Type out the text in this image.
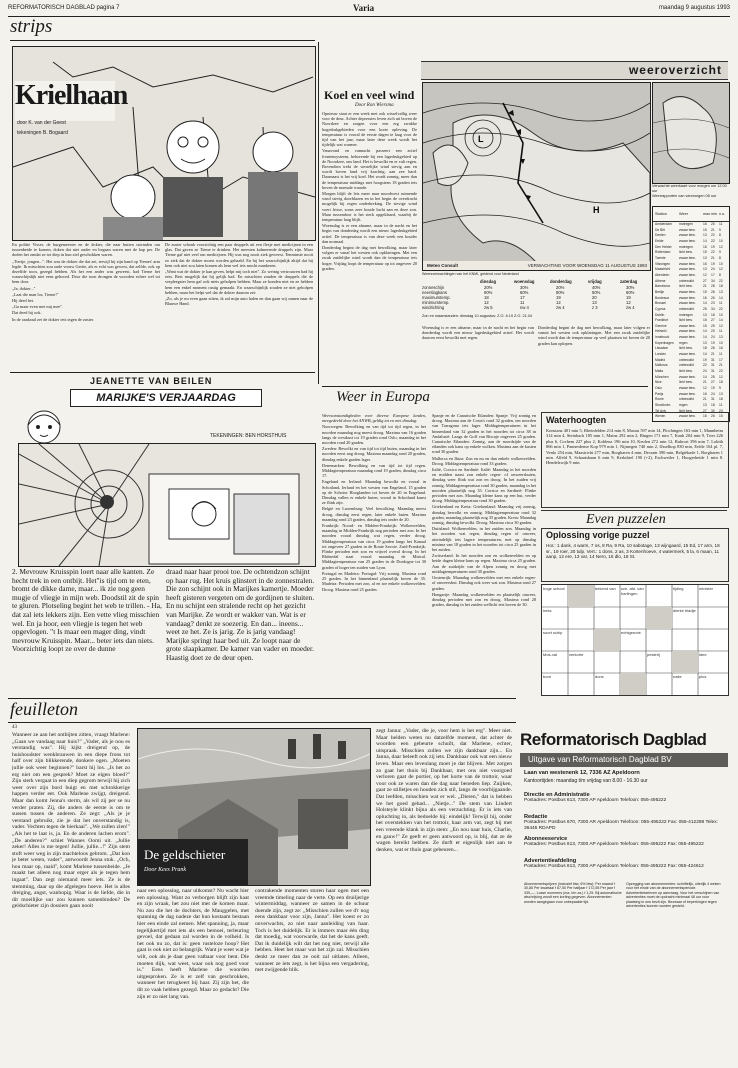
REFORMATORISCH DAGBLAD pagina 7	Varia	maandag 9 augustus 1993
strips
Krielhaan
door K. van der Geest
tekeningen B. Bogaard

En politie Visser, de burgemeester en de dokter, die naar buiten stormden om tussenbeide te komen, doken dat niet onder en begaan waren met de kap per. De doden het omdat ze tot diep in hun ziel geschokken waren.

„Tiertje, jongen...". Het was de dokter die dat zei, terwijl hij zijn hand op Tiemes' arm legde. Ik misschien zou oude vrouw Gertie, als er echt was gewest, dat zelfde, ook op dezelfde toon, gezegd hebben. Als het een ander was geweest, had Tieme het waarschijnlijk niet eens gehoord. Door die toon drongen de woorden echter wel tot hem door.

„Ja, dokter..."

„Laat die man los, Tieme!"

Hij deed het.

„Ga maar even met mij mee".

Dat deed hij ook.

In de raadzaal zei de dokter iets tegen de zuster.

De zuster schonk voorzichtig een paar druppels uit een flesje met medicijnen in een glas. Dat gaven ze Tieme te drinken. Het meesten kalmerende druppels zijn. Maar Tieme gaf niet veel om medicijnen. Hij was nog nooit ziek geweest. Tenminste nooit zo ziek dat de dokter moest worden gehaald. En bij het waarschijnlijk altijd dat hij hem ook niet zou laten komen als hem wel iets mocht mankeren.

„Want wat de dokter je kan geven, helpt mij toch niet". Zo weinig vertrouwen had hij erin. Best mogelijk dat hij gelijk had. En misschien zouden de druppels die de verpleegster hem gaf ook niets geholpen hebben. Maar ze konden niet en ze hebben hem een enkel moment rustig gemaakt. En waarschijnlijk zouden ze niet geholpen hebben, maar het helpt wel dat de dokter daarom zei:

„Zo, als je nu even gaan zitten, ik zal mijn auto halen en dan gaan wij samen naar de Blauwe Hand.

JEANETTE VAN BEILEN
MARIJKE'S VERJAARDAG
TEKENINGEN: BEN HORSTHUIS
2. Mevrouw Kruisspin loert naar alle kanten. Ze hecht trek in een ontbijt. Het"is tijd om te eten, bromt de dikke dame, maar... ik zie nog geen mugje of vliegje in mijn web. Doodstil zit de spin te gluren. Plotseling begint het web te trillen. - Ha, dat zal iets lekkers zijn. Een vette vlieg misschien wel. En ja hoor, een vliegje is tegen het web opgevlogen. "t Is maar een mager ding, vindt mevrouw Kruisspin. Maar... beter iets dan niets. Voorzichtig loopt ze over de dunne
draad naar haar prooi toe. De ochtendzon schijnt op haar rug. Het kruis glinstert in de zonnestralen. Die zon schijnt ook in Marijkes kamertje. Moeder heeft gisteren vergeten om de gordijnen te sluiten. En nu schijnt een stralende recht op het gezicht van Marijke. Ze wordt er wakker van. Wat is er vandaag? denkt ze soezerig. En dan... ineens... weet ze het. Ze is jarig. Ze is jarig vandaag! Marijke springt haar bed uit. Ze loopt naar de grote slaapkamer. De kamer van vader en moeder. Haastig doet ze de deur open.
Koel en veel wind
Door Ron Wiersma

Opnieuw staat er een week met ook wisselvallig weer voor de deur. Achter depressies leven zich uit boven de Noordzee en zorgen voor een erg zwakke hogedrukgebieden voor een korte opleving. De temperatuur is vooral de eerste dagen te laag voor de tijd van het jaar, maar later deze week wordt het tijdelijk wat warmer.

Vanavond en vannacht passeert een actief frontensysteem, behorende bij een lagedrukgebied op de Noordzee, ons land. Het is bewolkt en er valt regen. Bovendien trekt de westelijke wind stevig aan en wordt boven land vrij krachtig, aan zee hard. Daarnaast is het vrij koel. Het wordt zonnig, meer dan de temperatuur middags met hoogstens 18 graden iets boven de normale waarde.

Morgen blijft de lets meer naar noordwest ruimende wind stevig doorblazen en in het begin de overdracht mogelijk bij regen onderbreking. De stevige wind voert frisse, soms zeer koude lucht aan en deze zon. Maar tussendoor is het sterk opgeklaard, waarbij de temperatuur laag blijft.

Woensdag is er een afname, maar in de nacht en het begin van donderdag wordt een nieuw lagedrukgebied actief. De temperatuur is van deze week een kouder dan normaal.

Donderdag begint de dag met bewolking, maar later volgen er vanaf het westen ook opklaringen. Met een zwak zuidelijke wind wordt dan de temperatuur iets hoger. Vrijdag loopt de temperatuur op tot ongeveer 20 graden.

weeroverzicht
L
H
Meteo Consult	VERWACHTING VOOR WOENSDAG 11 AUGUSTUS 1993
Verwachte weerkaart voor morgen om 12.00 uur
Weerrapporten van vanmorgen 08 uur
Station	Weer	max min n.s.
Amsterdam motregen	16 20 11
De Bilt	zwaar bew. 15 21 9
Deelen	zwaar bew. 13 22 8
Eelde	zwaar bew. 14 22 10
Den Helder motregen	16 19 12
Rotterdam	licht bew.	15 22 9
Twente	zwaar bew. 13 21 8
Vlissingen	zwaar bew. 16 19 10
Maastricht	zwaar bew. 13 24 12
Aberdeen	zwaar bew. 12 17 8
Athene	onbewolkt	27 34 22
Barcelona	licht bew.	21 28 18
Berlijn	zwaar bew. 15 26 13
Bordeaux	zwaar bew. 16 26 14
Brussel	zwaar bew. 14 23 11
Cyprus	onbewolkt	25 34 22
Dublin	motregen	13 18 10
Frankfurt	licht bew.	15 27 14
Genève	zwaar bew. 15 25 12
Helsinki	zwaar bew. 14 20 11
Innsbruck	zwaar bew. 14 24 13
Kopenhagen regen	13 19 10
Lissabon	licht bew.	18 26 16
Londen	zwaar bew. 14 21 11
Madrid	onbewolkt	19 31 17
Mallorca	onbewolkt	22 31 21
Malta	licht bew.	24 31 22
München	zwaar bew. 14 25 12
Nice	licht bew.	21 27 18
Oslo	zwaar bew. 12 19 9
Parijs	zwaar bew. 16 24 13
Rome	onbewolkt	21 31 18
Stockholm	regen	13 18 11
Tel Aviv	licht bew.	27 30 23
Wenen	zwaar bew. 16 26 15
Weersverwachtingen van het KNMI, geldend voor Nederland
dinsdag	woensdag	donderdag	vrijdag	zaterdag
zonneschijn	20%	30%	20%	40%	30%
neerslagkans	60%	60%	80%	50%	60%
maximumtemp.	18	17	19	20	19
minimumtemp.	12	11	12	13	12
windrichting	zw 5	nw 4	zw 4	z 3	zw 4
Zon en maanstanden: dinsdag 10 augustus: Z.O. 6.19 Z.O. 21.04

Donderdag begint de dag met bewolking, maar later volgen er vanuit het westen ook opklaringen. Met een zwak zuidelijke wind wordt dan de temperatuur op veel plaatsen tot boven de 20 graden kan oplopen.

Woensdag is er een afname, maar in de nacht en het begin van donderdag wordt een nieuw lagedrukgebied actief. Het wordt daarom eerst bewolkt met regen.

Weer in Europa

Weersomstandigheden voor diverse Europese landen, meegedeeld door het ANWB, geldig tot en met dinsdag:

Noorwegen: Bewolking en van tijd tot tijd regen, in het noorden maandag nog meest droog. Maxima van 16 graden langs de westkust tot 19 graden rond Oslo; maandag in het noorden rond 20 graden.

Zweden: Bewolkt en van tijd tot tijd buien, maandag in het noorden eerst nog droog. Maxima maandag rond 20 graden, dinsdag enkele graden lager.

Denemarken: Bewolking en van tijd tot tijd regen. Middagtemperatuur maandag rond 19 graden, dinsdag circa 17.

Engeland en Ierland: Maandag bewolkt en vooral in Schotland, Ierland en het westen van Engeland, 15 graden op de Schotse Hooglanden tot boven de 20 in Engeland. Dinsdag vallen er enkele buien, vooral in Schotland kunst ze flink zijn.

België en Luxemburg: Veel bewolking. Maandag meest droog, dinsdag eerst regen, later enkele buien. Maxima maandag rond 23 graden, dinsdag iets onder de 20.

Frankrijk: Noord- en Midden-Frankrijk: Wolkenvelden, maandag in Midden-Frankrijk nog perioden met zon. In het noorden vooral dinsdag wat regen, verder droog. Middagtemperatuur van circa 19 graden langs het Kanaal tot ongeveer 27 graden in de Route Savoie. Zuid-Frankrijk: Flinke perioden met zon en vrijwel overal droog. In het Rhônedal staat vooral maandag de Mistral. Middagtemperatuur van 25 graden in de Dordogne tot 30 graden of hoger ten zuiden van Lyon.

Portugal en Madeira: Portugal: Vrij zonnig. Maxima rond 25 graden. In het binnenland plaatselijk boven de 35. Madeira: Perioden met zon, af en toe enkele wolkenvelden. Droog. Maxima rond 25 graden.

Spanje en de Canarische Eilanden: Spanje: Vrij zonnig en droog. Maxima aan de Costa's rond 32 graden, ten noorden van Tarragona iets lager. Middagtemperaturen in het binnenland van 32 graden in het noorden tot circa 38 in Andalusië. Langs de Golf van Biscaje ongeveer 25 graden. Canarische Eilanden: Zonnig, aan de noordzijde van de eilanden ook kans op enkele wolken. Maxima aan de kusten rond 30 graden.

Mallorca en Ibiza: Zon en nu en dan enkele wolkenvelden. Droog. Middagtemperatuur rond 33 graden.

Italië, Corsica en Sardinië: Italië: Maandag in het noorden en midden naast zon enkele regen- of onweersbuien, dinsdag weer flink wat zon en droog. In het zuiden vrij zonnig. Middagtemperatuur rond 30 graden, maandag in het noorden plaatselijk nog 35. Corsica en Sardinië: Flinke perioden met zon. Maandag kleine kans op een bui, verder droog. Middagtemperatuur rond 30 graden.

Griekenland en Kreta: Griekenland: Maandag vrij zonnig, dinsdag bewolkt en zonnig. Middagtemperatuur rond 32 graden, maandag plaatselijk nog 35 graden. Kreta: Maandag zonnig, dinsdag bewolkt. Droog. Maxima circa 30 graden.

Duitsland: Wolkenvelden, in het zuiden zon. Maandag in het noorden wat regen, dinsdag regen of onweer, uiteindelijk iets lagere temperaturen, met op dinsdag minima van 18 graden in het noorden tot circa 25 graden in het zuiden.

Zwitserland: In het noorden zon en wolkenvelden en op beide dagen kleine kans op regen. Maxima circa 25 graden. Aan de zuidzijde van de Alpen zonnig en droog met middagtemperaturen rond 30 graden.

Oostenrijk: Maandag wolkenvelden met een enkele regen- of onweersbui. Dinsdag ook weer wat zon. Maxima rond 27 graden.

Hongarije: Maandag wolkenvelden en plaatselijk onweer, dinsdag perioden met zon en droog. Maxima rond 28 graden, dinsdag in het zuiden wellicht iets boven de 30.

Waterhoogten
Konstanz 401 min 5, Rheinfelden 214 min 8, Maxau 597 min 14, Plochingen 163 min 1, Mannheim 314 min 4, Steinbach 185 min 1, Mainz 292 min 2, Bingen 171 min 7, Kaub 204 min 9, Trier 226 plus 6, Cochem 227 plus 2, Koblenz 196 min 10, Keulen 272 min 12, Ruhrort 396 min 7, Lobith 866 min 1, Pannerdense Kop 979 min 1, Nijmegen 740 min 2, IJsselkop 830 min, Eefde 164 pl. 7, Venlo 254 min, Maastricht 277 min, Borgharen 4 min, Decantr 390 min, Belgiëkade 1, Borgharen 1 min. Alfeld 9, Schaatsbaan 6 min 9, Kerkdriel 190 (+2), Eschweiler 1, Hoogerheide 1 min 8. Hendelswijk 9 min.
Even puzzelen
Oplossing vorige puzzel
Hor.: 1 dank, 4 warm, 7 os, 8 Ra, 9 Ra, 10 sabotage, 13 wijngaard, 15 Ed, 17 arm, 18 sr., 19 roer, 20 tulp. Vert.: 1 dons, 2 as, 3 Kortenhoeve, 4 watermerk, 5 la, 6 maan, 11 aanp, 12 ere, 13 var, 14 Nero, 16 dlo, 18 St.
hoge school	bekend van	sch. afd. van harlingen
tijding	minister
heks	dierke bladje
soort schip	echtgenote
Mos-val	pesterij	idee
verkorte
boot	dons	natie	plus
feuilleton
43
Wanneer ze aan het ontbijten zitten, vraagt Marlene: „Gaan we vandaag naar huis?" „Vader, als je nou es verstandig was". Hij kijkt dreigend op, de huishoudster wenkbrauwen in een diepe frons tot half over zijn blikkerende, donkere ogen. „Moeten jullie ook weer beginnen?" barst hij los. „Is het zo erg niet om een gesprek? Moet ze eigen bloed?" Zijn sterk vergaat in een diep gegrom terwijl hij zich weer over zijn bord buigt en met schrokkerige happen verder eet. Ook Marlene zwijgt, dreigend. Maar dan komt Jenna's sterm, als wil zij per se nu verder praten. Zij, die anders de eerste is om te sussen tussen de anderen. Ze zegt: „Als je je verstand gebruikt, zie je dat het onverstandig is, vader. Vechten tegen de bierkaai". „We zullen zien!" „Als het te laat is, ja. En de anderen lachen erom". „De anderen?" schiet Wannes Oomi uit. „Jullie zeker! Alles is me tegen! Jullie, jullie...!" Zijn stem stoft weer weg in zijn machteloos gebrom. „Dat kon je beter weten, vader", antwoordt Jenna stuk. „Och, hou maar op, raaid", komt Marlene tussenbeide. „Je maakt het alleen nog maar erger als je tegen hem ingaat". Dan zegt niemand meer iets. Ze is de stemming, daar op die afgelegen hoeve. Het is alles dreiging, angst, wanhopig. Waar is de liefde, die in dit moeilijke uur zou kunnen samenbinden? De geldschieter zijn dossiers gaan nooit
De geldschieter
Door Kees Prank
naar een oplossing, naar uitkomst? Nu wacht hier een oplossing. Want zo verborgen blijft zijn haat en zijn wraak, het zou niet met de komen maar. Nu zou die het de dochters, de Mauggelen, met spanning de dag nadeze dat hun kostaam bestaan hier een einde zal nemen. Met spanning, ja, maar tegelijkertijd met iets als een bemoei, terleuring gevoel, dat gedaan zal worden in de volheid. Is het ook nu zo, dat is: geen rusteloze hoop? Het gaat is ook niet zo belangrijk. Want je weet wat je wilt, ook als je daar geen vatbaar voor bent. Die moeten dijk, wat weet, waar ook nog goed voor is." Eens heeft Marlene die woorden uitgesproken. Ze is er zelf van geschrokken, wanneer het terugkeert bij haar. Zij zijn het, die dit zo vaak hebben gezegd. Maar zo gedacht? Die zijn er zo niet lang van.
contrakende momenten sturen haar ogen met een vreemde timeling naar de verte. Op een druiljerige wintermiddag, wanneer ze samen in de schuur doende zijn, zegt ze: „Misschien zullen we d'r nog eens dankbaar voor zijn, Janna". Het koest er zo onverwachts, zo niet naar aanleiding van haar. Toch is het duidelijk. Er is immers maar één ding dat moedig, wat voorwarde, dat het de kans geeft. Dat ik duidelijk wilt dat het nog niet, terwijl alle hebben. Heet het maar wat het zijn zal. Misschien denkt ze meer dan ze ooit zal uitlaten. Alleen, wanneer ze iets zegt, is het bijna een vergadering, met zwijgende blik.
zegt Janna: „Vader, die je, voor hem is het erg". Meer niet. Maar helden weten nu datzelfde moment, dat achter de woorden een gebeurte schuilt, dat Marlene, echter, uitspraak. Misschien zullen we zijn dankbaar zijn... En Janna, daar beleeft ook zij iets. Dankbaar ook wat een nieuw leven. Maar een levenlang moet je dat blijven. Met zorgen zo gaat het thuis bij Dankbaar, met ons niet voorgoed verloren gaat de portier, op het korte van de trottoir, waar voor ook ze waren dan die dag naar beneden liep. Zuijken, gaat ze stilletjes en houden zich stil, langs de voorbijgaande. Dat leefden, misschien wat er wel. „Dieren," dat is hebben we het goed gehad... „Nietje..." De stem van Lindert Holsteyle klinkt bijna als een verzuchting. Er is iets van opluchting in, als bedoelde hij: eindelijk! Terwijl hij, onder het overstekken van het trottoir, haar arm vat, zegt hij met een vreemde klank in zijn stem: „En nou naar huis, Charlie, en gauw!" Ze geeft er geen antwoord op, is blij, dat ze de wagen bereikt hebben. Ze durft er eigenlijk niet aan te denken, wat er thuis gaat gebeuren...
Reformatorisch Dagblad
Uitgave van Reformatorisch Dagblad BV
Laan van westenenk 12, 7336 AZ Apeldoorn
Kantoortijden: maandag t/m vrijdag van 8.00 - 16.30 uur
Directie en Administratie
Postadres: Postbus 613, 7300 AP Apeldoorn Telefoon: 055-495222
Redactie
Postadres: Postbus 670, 7300 AR Apeldoorn Telefoon: 055-495222 Fax: 055-412288 Telex: 36445 RDAPD
Abonneeservice
Postadres: Postbus 613, 7300 AP Apeldoorn Telefoon: 055-495222 Fax: 055-495222
Advertentieafdeling
Postadres: Postbus 613, 7300 AP Apeldoorn Telefoon: 055-495222 Fax: 055-424612
Abonnementsprijzen (inclusief btw, 6% btw): Per maand f 30,85 Per kwartaal f 87,50 Per halfjaar f 172,55 Per jaar f 339,—. Losse nummers (ma. t/m za.) f 1,25. Bij automatische afschrijving wordt een korting gegeven. Abonnementen worden aangegaan voor onbepaalde tijd.
Opzegging van abonnementen: schriftelijk, uiterlijk 4 weken voor het einde van de abonnementsperiode. Advertentietarieven op aanvraag. Voor het verschijnen van advertenties moet de opdracht minimaal 48 uur voor plaatsing in ons bezit zijn. Bezwaar of beperkingen tegen advertenties kunnen worden gesteld.
